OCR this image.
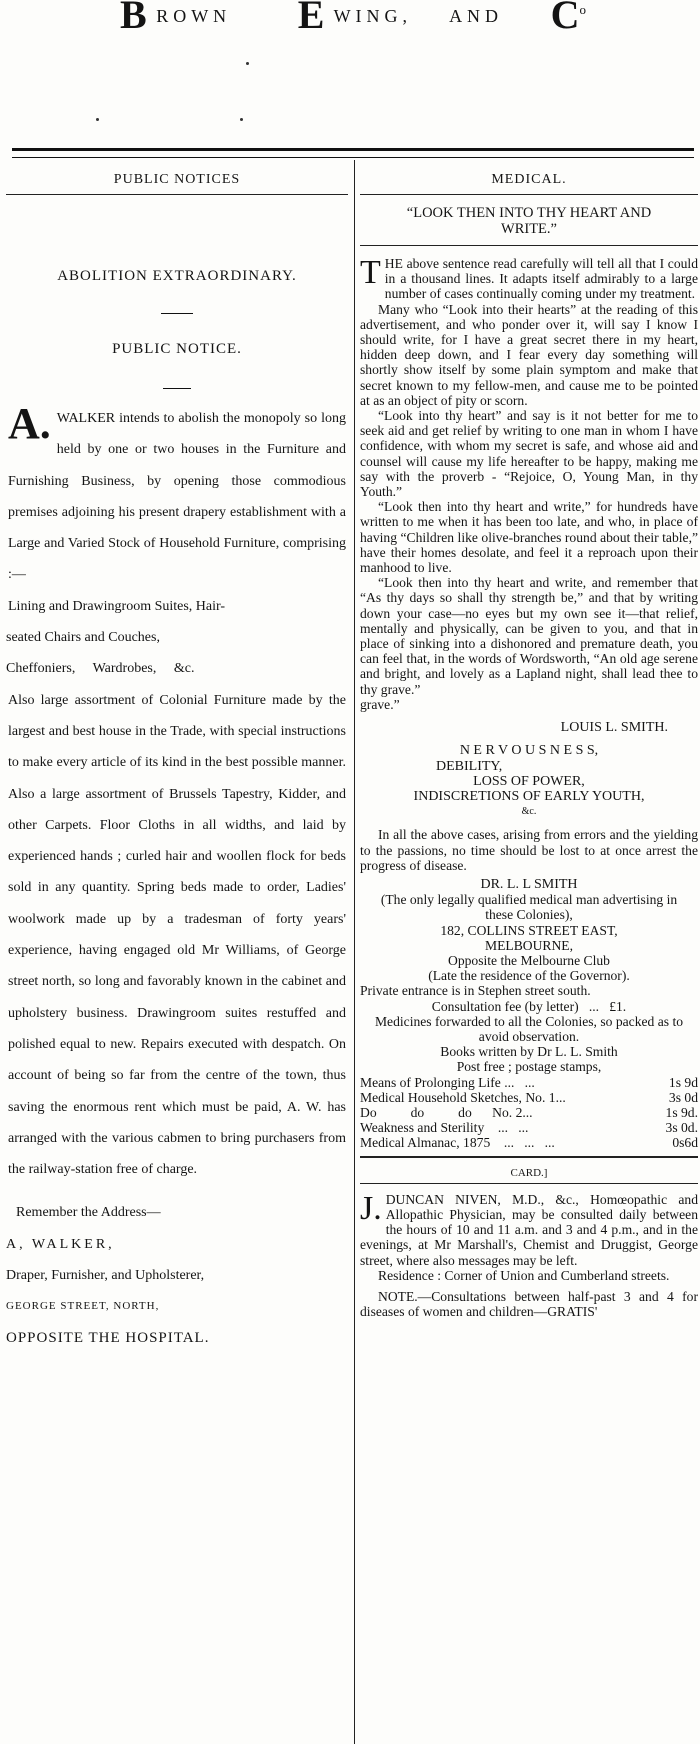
B ROWN E WING, AND $C^o$
PUBLIC NOTICES
ABOLITION EXTRAORDINARY.
PUBLIC NOTICE.

A. WALKER intends to abolish the monopoly so long held by one or two houses in the Furniture and Furnishing Business, by opening those commodious premises adjoining his present drapery establishment with a Large and Varied Stock of Household Furniture, comprising :—

Lining and Drawingroom Suites, Hair-

seated Chairs and Couches,

Cheffoniers,     Wardrobes,     &c.

Also large assortment of Colonial Furniture made by the largest and best house in the Trade, with special instructions to make every article of its kind in the best possible manner. Also a large assortment of Brussels Tapestry, Kidder, and other Carpets. Floor Cloths in all widths, and laid by experienced hands ; curled hair and woollen flock for beds sold in any quantity. Spring beds made to order, Ladies' woolwork made up by a tradesman of forty years' experience, having engaged old Mr Williams, of George street north, so long and favorably known in the cabinet and upholstery business. Drawingroom suites restuffed and polished equal to new. Repairs executed with despatch. On account of being so far from the centre of the town, thus saving the enormous rent which must be paid, A. W. has arranged with the various cabmen to bring purchasers from the railway-station free of charge.

Remember the Address—

A, WALKER,

Draper, Furnisher, and Upholsterer,

GEORGE STREET, NORTH,

OPPOSITE THE HOSPITAL.

MEDICAL.
“LOOK THEN INTO THY HEART AND WRITE.”

T HE above sentence read carefully will tell all that I could in a thousand lines. It adapts itself admirably to a large number of cases continually coming under my treatment.

Many who “Look into their hearts” at the reading of this advertisement, and who ponder over it, will say I know I should write, for I have a great secret there in my heart, hidden deep down, and I fear every day something will shortly show itself by some plain symptom and make that secret known to my fellow-men, and cause me to be pointed at as an object of pity or scorn.

“Look into thy heart” and say is it not better for me to seek aid and get relief by writing to one man in whom I have confidence, with whom my secret is safe, and whose aid and counsel will cause my life hereafter to be happy, making me say with the proverb - “Rejoice, O, Young Man, in thy Youth.”

“Look then into thy heart and write,” for hundreds have written to me when it has been too late, and who, in place of having “Children like olive-branches round about their table,” have their homes desolate, and feel it a reproach upon their manhood to live.

“Look then into thy heart and write, and remember that “As thy days so shall thy strength be,” and that by writing down your case—no eyes but my own see it—that relief, mentally and physically, can be given to you, and that in place of sinking into a dishonored and premature death, you can feel that, in the words of Wordsworth, “An old age serene and bright, and lovely as a Lapland night, shall lead thee to thy grave.”

grave.”

LOUIS L. SMITH.

N E R V O U S N E S S,

DEBILITY,

LOSS OF POWER,

INDISCRETIONS OF EARLY YOUTH,

&c.

In all the above cases, arising from errors and the yielding to the passions, no time should be lost to at once arrest the progress of disease.

DR. L. L SMITH

(The only legally qualified medical man advertising in these Colonies),

182, COLLINS STREET EAST,

MELBOURNE,

Opposite the Melbourne Club

(Late the residence of the Governor).

Private entrance is in Stephen street south.

Consultation fee (by letter)   ...   £1.

Medicines forwarded to all the Colonies, so packed as to avoid observation.

Books written by Dr L. L. Smith

Post free ; postage stamps,

Means of Prolonging Life ...   ...	1s 9d
Medical Household Sketches, No. 1...	3s 0d
Do          do          do      No. 2...	1s 9d.
Weakness and Sterility    ...   ...	3s 0d.
Medical Almanac, 1875    ...   ...   ...	0s6d

CARD.]

J. DUNCAN NIVEN, M.D., &c., Homœopathic and Allopathic Physician, may be consulted daily between the hours of 10 and 11 a.m. and 3 and 4 p.m., and in the evenings, at Mr Marshall's, Chemist and Druggist, George street, where also messages may be left.

Residence : Corner of Union and Cumberland streets.

NOTE.—Consultations between half-past 3 and 4 for diseases of women and children—GRATIS'
